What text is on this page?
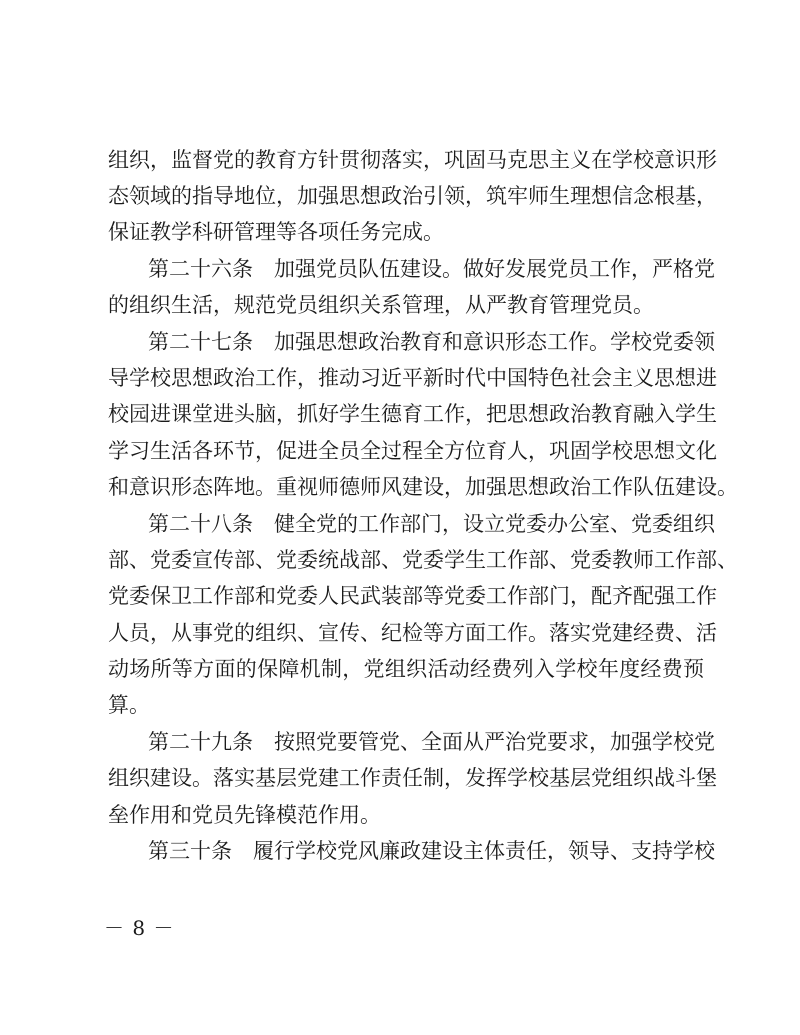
组织，监督党的教育方针贯彻落实，巩固马克思主义在学校意识形
态领域的指导地位，加强思想政治引领，筑牢师生理想信念根基，
保证教学科研管理等各项任务完成。
第二十六条　加强党员队伍建设。做好发展党员工作，严格党
的组织生活，规范党员组织关系管理，从严教育管理党员。
第二十七条　加强思想政治教育和意识形态工作。学校党委领
导学校思想政治工作，推动习近平新时代中国特色社会主义思想进
校园进课堂进头脑，抓好学生德育工作，把思想政治教育融入学生
学习生活各环节，促进全员全过程全方位育人，巩固学校思想文化
和意识形态阵地。重视师德师风建设，加强思想政治工作队伍建设。
第二十八条　健全党的工作部门，设立党委办公室、党委组织
部、党委宣传部、党委统战部、党委学生工作部、党委教师工作部、
党委保卫工作部和党委人民武装部等党委工作部门，配齐配强工作
人员，从事党的组织、宣传、纪检等方面工作。落实党建经费、活
动场所等方面的保障机制，党组织活动经费列入学校年度经费预
算。
第二十九条　按照党要管党、全面从严治党要求，加强学校党
组织建设。落实基层党建工作责任制，发挥学校基层党组织战斗堡
垒作用和党员先锋模范作用。
第三十条　履行学校党风廉政建设主体责任，领导、支持学校
－ 8 －
